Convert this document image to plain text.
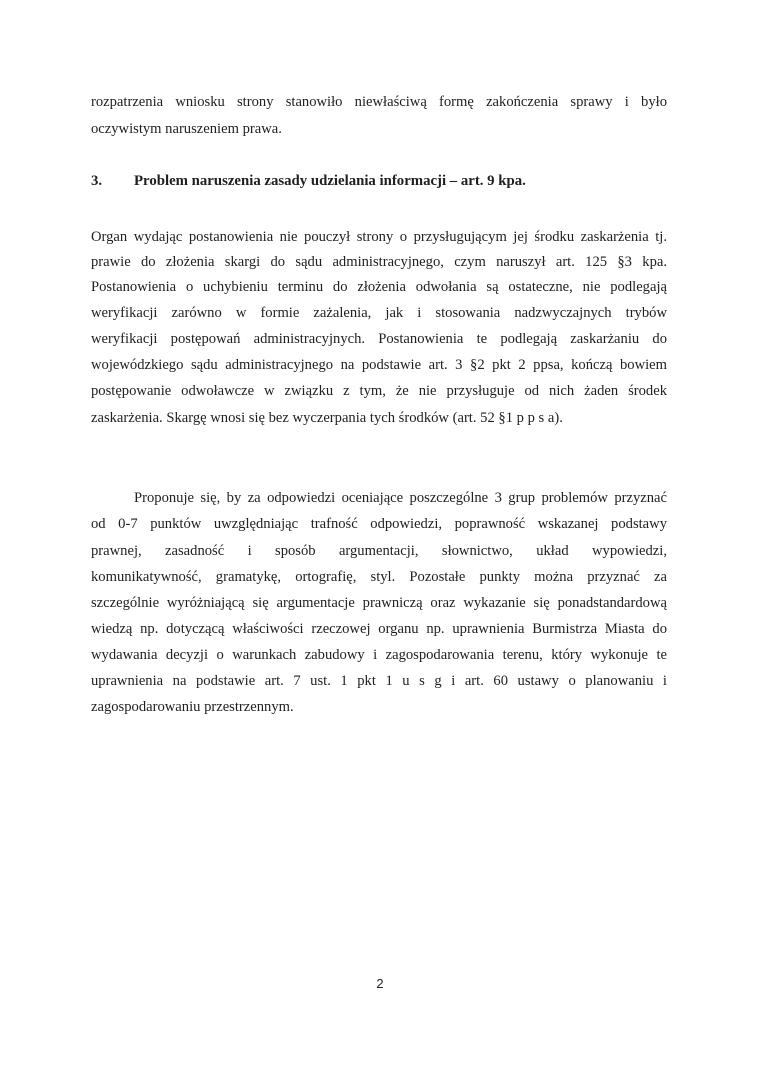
rozpatrzenia wniosku strony stanowiło niewłaściwą formę zakończenia sprawy i było
oczywistym naruszeniem prawa.
3. Problem naruszenia zasady udzielania informacji – art. 9 kpa.
Organ wydając postanowienia nie pouczył strony o przysługującym jej środku zaskarżenia tj.
prawie do złożenia skargi do sądu administracyjnego, czym naruszył art. 125 §3 kpa.
Postanowienia o uchybieniu terminu do złożenia odwołania są ostateczne, nie podlegają
weryfikacji zarówno w formie zażalenia, jak i stosowania nadzwyczajnych trybów
weryfikacji postępowań administracyjnych. Postanowienia te podlegają zaskarżaniu do
wojewódzkiego sądu administracyjnego na podstawie art. 3 §2 pkt 2 ppsa, kończą bowiem
postępowanie odwoławcze w związku z tym, że nie przysługuje od nich żaden środek
zaskarżenia. Skargę wnosi się bez wyczerpania tych środków (art. 52 §1 p p s a).
Proponuje się, by za odpowiedzi oceniające poszczególne 3 grup problemów przyznać
od 0-7 punktów uwzględniając trafność odpowiedzi, poprawność wskazanej podstawy
prawnej, zasadność i sposób argumentacji, słownictwo, układ wypowiedzi,
komunikatywność, gramatykę, ortografię, styl. Pozostałe punkty można przyznać za
szczególnie wyróżniającą się argumentacje prawniczą oraz wykazanie się ponadstandardową
wiedzą np. dotyczącą właściwości rzeczowej organu np. uprawnienia Burmistrza Miasta do
wydawania decyzji o warunkach zabudowy i zagospodarowania terenu, który wykonuje te
uprawnienia na podstawie art. 7 ust. 1 pkt 1 u s g i art. 60 ustawy o planowaniu i
zagospodarowaniu przestrzennym.
2
